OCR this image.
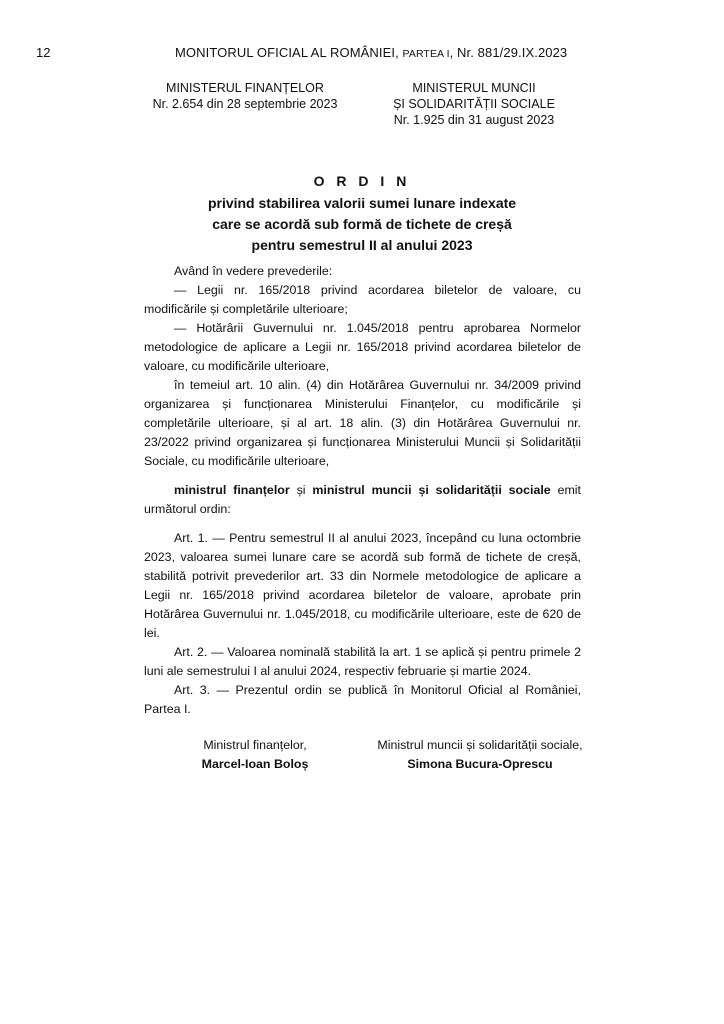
12	MONITORUL OFICIAL AL ROMÂNIEI, PARTEA I, Nr. 881/29.IX.2023
MINISTERUL FINANȚELOR
Nr. 2.654 din 28 septembrie 2023
MINISTERUL MUNCII
ȘI SOLIDARITĂȚII SOCIALE
Nr. 1.925 din 31 august 2023
O R D I N
privind stabilirea valorii sumei lunare indexate
care se acordă sub formă de tichete de creșă
pentru semestrul II al anului 2023

Având în vedere prevederile:

— Legii nr. 165/2018 privind acordarea biletelor de valoare, cu modificările și completările ulterioare;

— Hotărârii Guvernului nr. 1.045/2018 pentru aprobarea Normelor metodologice de aplicare a Legii nr. 165/2018 privind acordarea biletelor de valoare, cu modificările ulterioare,

în temeiul art. 10 alin. (4) din Hotărârea Guvernului nr. 34/2009 privind organizarea și funcționarea Ministerului Finanțelor, cu modificările și completările ulterioare, și al art. 18 alin. (3) din Hotărârea Guvernului nr. 23/2022 privind organizarea și funcționarea Ministerului Muncii și Solidarității Sociale, cu modificările ulterioare,

ministrul finanțelor și ministrul muncii și solidarității sociale emit următorul ordin:

Art. 1. — Pentru semestrul II al anului 2023, începând cu luna octombrie 2023, valoarea sumei lunare care se acordă sub formă de tichete de creșă, stabilită potrivit prevederilor art. 33 din Normele metodologice de aplicare a Legii nr. 165/2018 privind acordarea biletelor de valoare, aprobate prin Hotărârea Guvernului nr. 1.045/2018, cu modificările ulterioare, este de 620 de lei.

Art. 2. — Valoarea nominală stabilită la art. 1 se aplică și pentru primele 2 luni ale semestrului I al anului 2024, respectiv februarie și martie 2024.

Art. 3. — Prezentul ordin se publică în Monitorul Oficial al României, Partea I.

Ministrul finanțelor,
Marcel-Ioan Boloș
Ministrul muncii și solidarității sociale,
Simona Bucura-Oprescu
